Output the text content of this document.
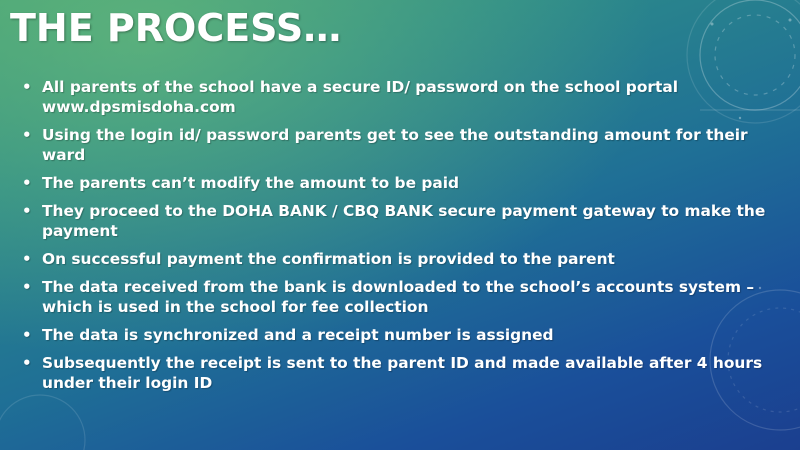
THE PROCESS…
• All parents of the school have a secure ID/ password on the school portal www.dpsmisdoha.com
• Using the login id/ password parents get to see the outstanding amount for their ward
• The parents can’t modify the amount to be paid
• They proceed to the DOHA BANK / CBQ BANK secure payment gateway to make the payment
• On successful payment the confirmation is provided to the parent
• The data received from the bank is downloaded to the school’s accounts system – which is used in the school for fee collection
• The data is synchronized and a receipt number is assigned
• Subsequently the receipt is sent to the parent ID and made available after 4 hours under their login ID
